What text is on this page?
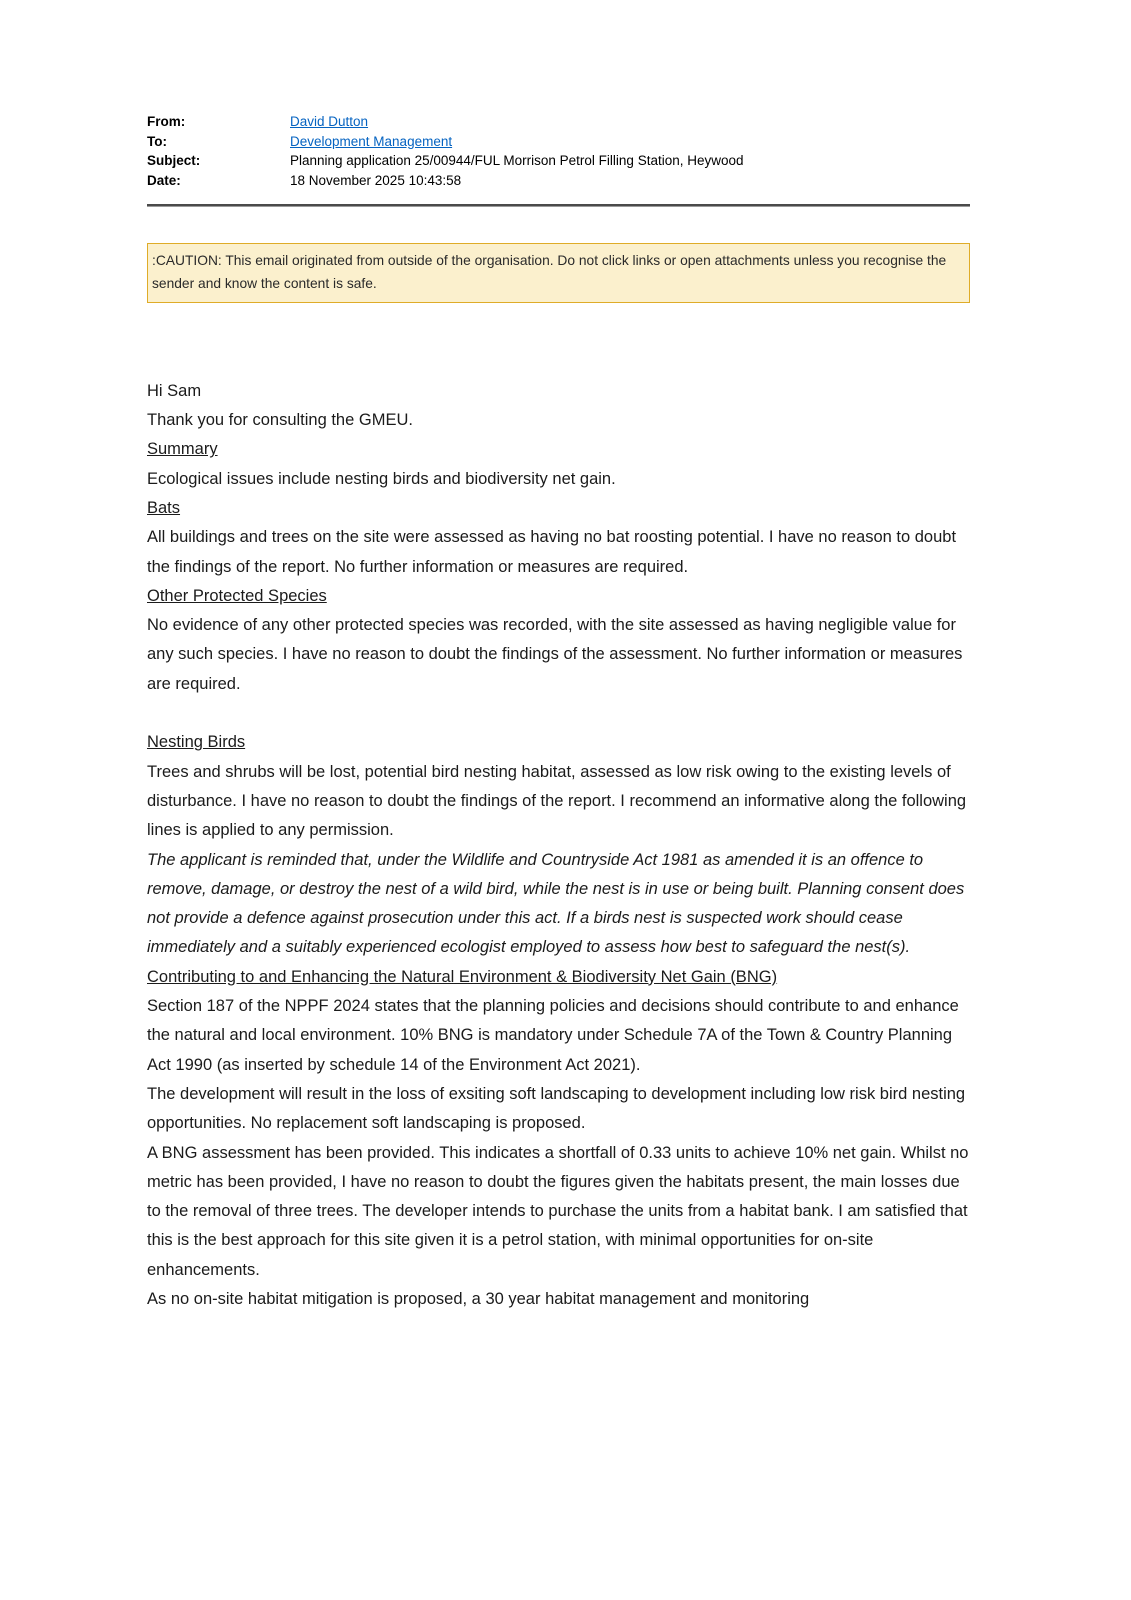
From:	David Dutton
To:	Development Management
Subject:	Planning application 25/00944/FUL Morrison Petrol Filling Station, Heywood
Date:	18 November 2025 10:43:58
:CAUTION: This email originated from outside of the organisation. Do not click links or open attachments unless you recognise the sender and know the content is safe.

Hi Sam

Thank you for consulting the GMEU.

Summary

Ecological issues include nesting birds and biodiversity net gain.

Bats

All buildings and trees on the site were assessed as having no bat roosting potential. I have no reason to doubt the findings of the report. No further information or measures are required.

Other Protected Species

No evidence of any other protected species was recorded, with the site assessed as having negligible value for any such species. I have no reason to doubt the findings of the assessment. No further information or measures are required.

Nesting Birds

Trees and shrubs will be lost, potential bird nesting habitat, assessed as low risk owing to the existing levels of disturbance. I have no reason to doubt the findings of the report. I recommend an informative along the following lines is applied to any permission.

The applicant is reminded that, under the Wildlife and Countryside Act 1981 as amended it is an offence to remove, damage, or destroy the nest of a wild bird, while the nest is in use or being built. Planning consent does not provide a defence against prosecution under this act. If a birds nest is suspected work should cease immediately and a suitably experienced ecologist employed to assess how best to safeguard the nest(s).

Contributing to and Enhancing the Natural Environment & Biodiversity Net Gain (BNG)

Section 187 of the NPPF 2024 states that the planning policies and decisions should contribute to and enhance the natural and local environment. 10% BNG is mandatory under Schedule 7A of the Town & Country Planning Act 1990 (as inserted by schedule 14 of the Environment Act 2021).

The development will result in the loss of exsiting soft landscaping to development including low risk bird nesting opportunities. No replacement soft landscaping is proposed.

A BNG assessment has been provided. This indicates a shortfall of 0.33 units to achieve 10% net gain. Whilst no metric has been provided, I have no reason to doubt the figures given the habitats present, the main losses due to the removal of three trees. The developer intends to purchase the units from a habitat bank. I am satisfied that this is the best approach for this site given it is a petrol station, with minimal opportunities for on-site enhancements.

As no on-site habitat mitigation is proposed, a 30 year habitat management and monitoring
